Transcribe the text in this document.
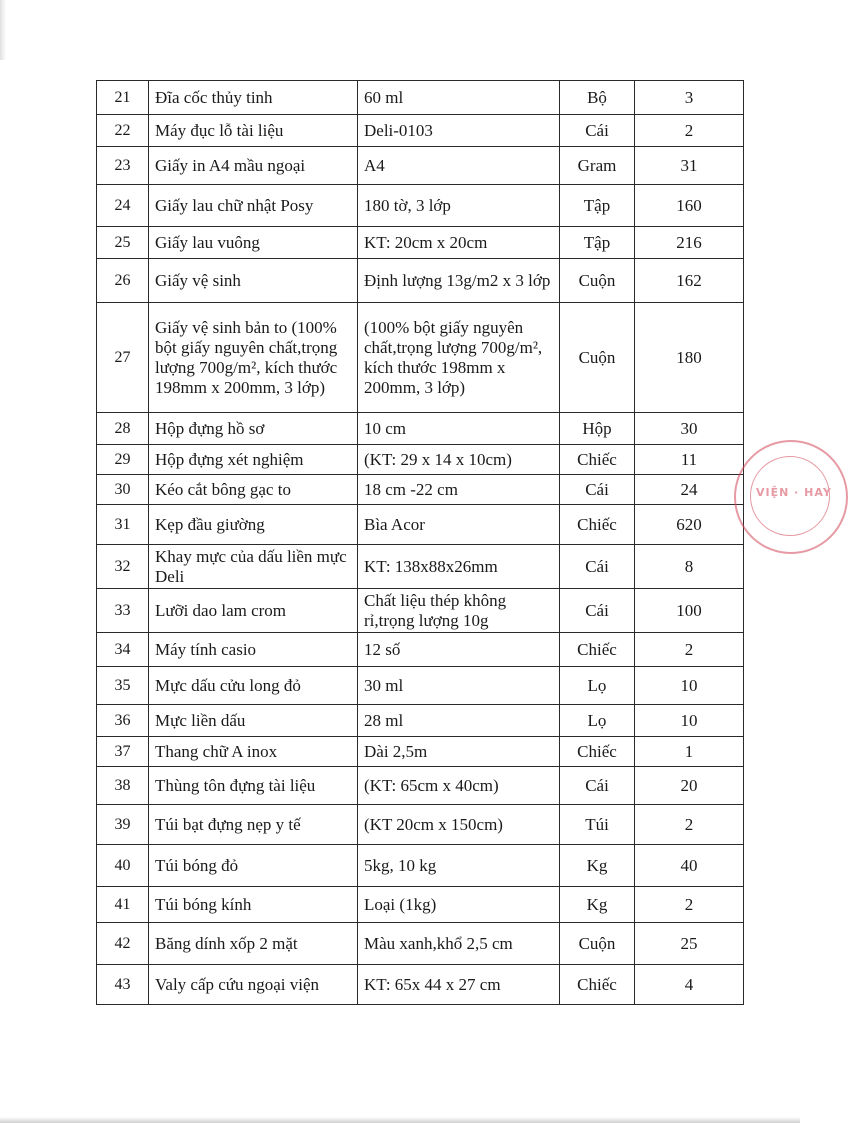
21	Đĩa cốc thủy tinh	60 ml	Bộ	3
22	Máy đục lỗ tài liệu	Deli-0103	Cái	2
23	Giấy in A4 mầu ngoại	A4	Gram	31
24	Giấy lau chữ nhật Posy	180 tờ, 3 lớp	Tập	160
25	Giấy lau vuông	KT: 20cm x 20cm	Tập	216
26	Giấy vệ sinh	Định lượng 13g/m2 x 3 lớp	Cuộn	162
27	Giấy vệ sinh bản to (100% bột giấy nguyên chất,trọng lượng 700g/m², kích thước 198mm x 200mm, 3 lớp)	(100% bột giấy nguyên chất,trọng lượng 700g/m², kích thước 198mm x 200mm, 3 lớp)	Cuộn	180
28	Hộp đựng hồ sơ	10 cm	Hộp	30
29	Hộp đựng xét nghiệm	(KT: 29 x 14 x 10cm)	Chiếc	11
30	Kéo cắt bông gạc to	18 cm -22 cm	Cái	24
31	Kẹp đầu giường	Bìa Acor	Chiếc	620
32	Khay mực của dấu liền mực Deli	KT: 138x88x26mm	Cái	8
33	Lưỡi dao lam crom	Chất liệu thép không rỉ,trọng lượng 10g	Cái	100
34	Máy tính casio	12 số	Chiếc	2
35	Mực dấu cửu long đỏ	30 ml	Lọ	10
36	Mực liền dấu	28 ml	Lọ	10
37	Thang chữ A inox	Dài 2,5m	Chiếc	1
38	Thùng tôn đựng tài liệu	(KT: 65cm x 40cm)	Cái	20
39	Túi bạt đựng nẹp y tế	(KT 20cm x 150cm)	Túi	2
40	Túi bóng đỏ	5kg, 10 kg	Kg	40
41	Túi bóng kính	Loại (1kg)	Kg	2
42	Băng dính xốp 2 mặt	Màu xanh,khổ 2,5 cm	Cuộn	25
43	Valy cấp cứu ngoại viện	KT: 65x 44 x 27 cm	Chiếc	4
VIỆN · HAY
